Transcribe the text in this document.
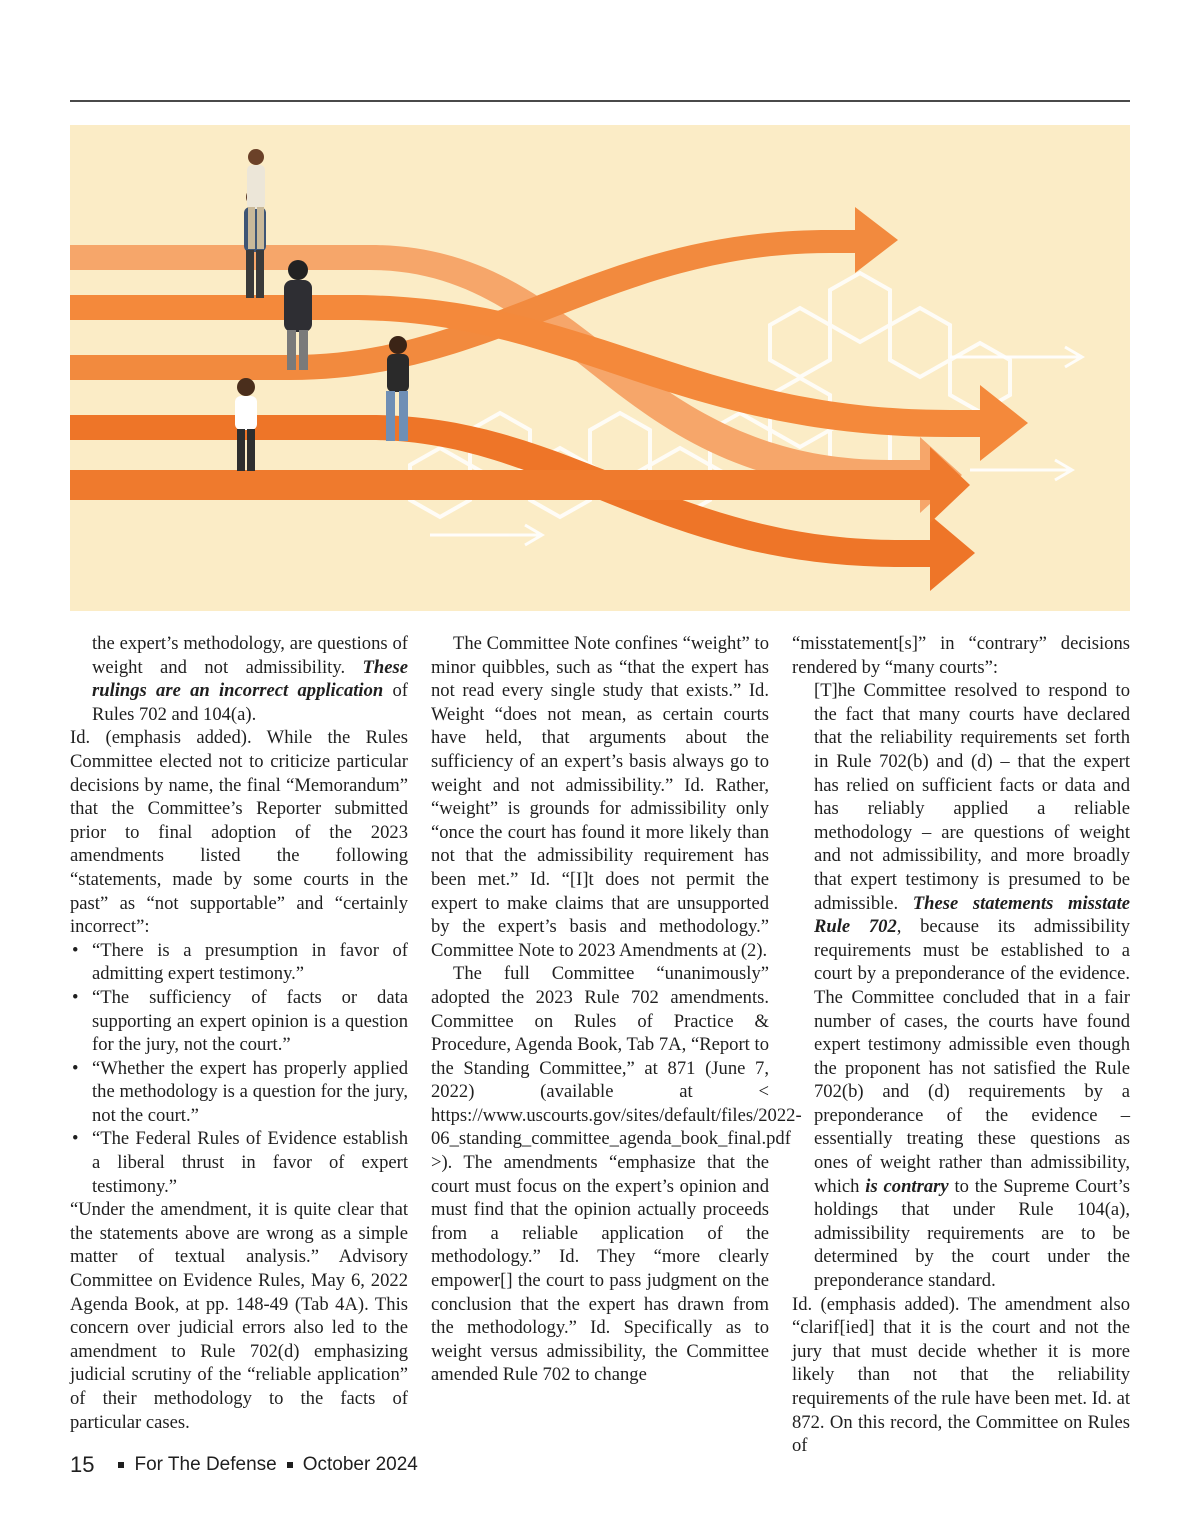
the expert’s methodology, are questions of weight and not admissibility. These rulings are an incorrect application of Rules 702 and 104(a).

Id. (emphasis added). While the Rules Committee elected not to criticize particular decisions by name, the final “Memorandum” that the Committee’s Reporter submitted prior to final adoption of the 2023 amendments listed the following “statements, made by some courts in the past” as “not supportable” and “certainly incorrect”:

• “There is a presumption in favor of admitting expert testimony.”
• “The sufficiency of facts or data supporting an expert opinion is a question for the jury, not the court.”
• “Whether the expert has properly applied the methodology is a question for the jury, not the court.”
• “The Federal Rules of Evidence establish a liberal thrust in favor of expert testimony.”

“Under the amendment, it is quite clear that the statements above are wrong as a simple matter of textual analysis.” Advisory Committee on Evidence Rules, May 6, 2022 Agenda Book, at pp. 148-49 (Tab 4A). This concern over judicial errors also led to the amendment to Rule 702(d) emphasizing judicial scrutiny of the “reliable application” of their methodology to the facts of particular cases.

The Committee Note confines “weight” to minor quibbles, such as “that the expert has not read every single study that exists.” Id. Weight “does not mean, as certain courts have held, that arguments about the sufficiency of an expert’s basis always go to weight and not admissibility.” Id. Rather, “weight” is grounds for admissibility only “once the court has found it more likely than not that the admissibility requirement has been met.” Id. “[I]t does not permit the expert to make claims that are unsupported by the expert’s basis and methodology.” Committee Note to 2023 Amendments at (2).

The full Committee “unanimously” adopted the 2023 Rule 702 amendments. Committee on Rules of Practice & Procedure, Agenda Book, Tab 7A, “Report to the Standing Committee,” at 871 (June 7, 2022) (available at < https://www.uscourts.gov/sites/default/files/2022-06_standing_committee_agenda_book_final.pdf >). The amendments “emphasize that the court must focus on the expert’s opinion and must find that the opinion actually proceeds from a reliable application of the methodology.” Id. They “more clearly empower[] the court to pass judgment on the conclusion that the expert has drawn from the methodology.” Id. Specifically as to weight versus admissibility, the Committee amended Rule 702 to change

“misstatement[s]” in “contrary” decisions rendered by “many courts”:

[T]he Committee resolved to respond to the fact that many courts have declared that the reliability requirements set forth in Rule 702(b) and (d) – that the expert has relied on sufficient facts or data and has reliably applied a reliable methodology – are questions of weight and not admissibility, and more broadly that expert testimony is presumed to be admissible. These statements misstate Rule 702, because its admissibility requirements must be established to a court by a preponderance of the evidence. The Committee concluded that in a fair number of cases, the courts have found expert testimony admissible even though the proponent has not satisfied the Rule 702(b) and (d) requirements by a preponderance of the evidence – essentially treating these questions as ones of weight rather than admissibility, which is contrary to the Supreme Court’s holdings that under Rule 104(a), admissibility requirements are to be determined by the court under the preponderance standard.

Id. (emphasis added). The amendment also “clarif[ied] that it is the court and not the jury that must decide whether it is more likely than not that the reliability requirements of the rule have been met. Id. at 872. On this record, the Committee on Rules of

15 For The Defense October 2024
